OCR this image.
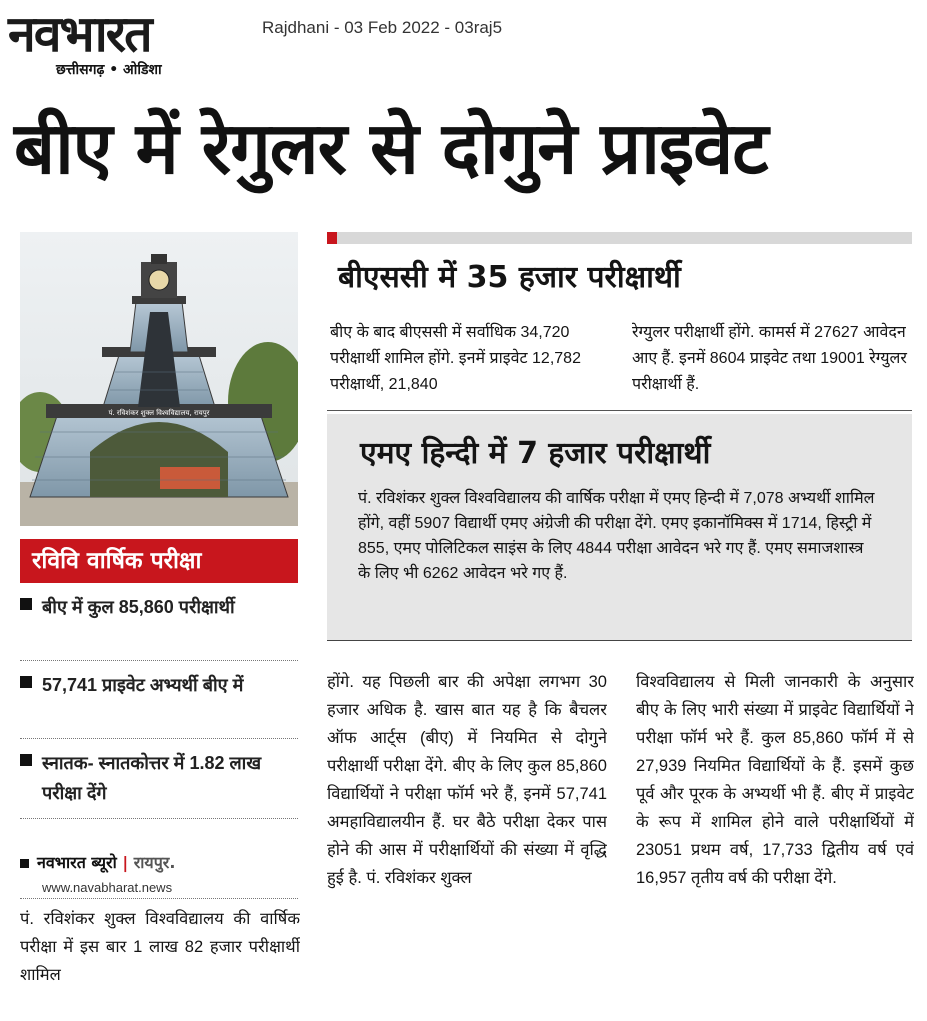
नवभारत
छत्तीसगढ़ • ओडिशा
Rajdhani - 03 Feb 2022 - 03raj5
बीए में रेगुलर से दोगुने प्राइवेट
पं. रविशंकर शुक्ल विश्वविद्यालय, रायपुर
रविवि वार्षिक परीक्षा
बीए में कुल 85,860 परीक्षार्थी
57,741 प्राइवेट अभ्यर्थी बीए में
स्नातक- स्नातकोत्तर में 1.82 लाख परीक्षा देंगे
नवभारत ब्यूरो | रायपुर.
www.navabharat.news
पं. रविशंकर शुक्ल विश्वविद्यालय की वार्षिक परीक्षा में इस बार 1 लाख 82 हजार परीक्षार्थी शामिल
होंगे. यह पिछली बार की अपेक्षा लगभग 30 हजार अधिक है. खास बात यह है कि बैचलर ऑफ आर्ट्स (बीए) में नियमित से दोगुने परीक्षार्थी परीक्षा देंगे. बीए के लिए कुल 85,860 विद्यार्थियों ने परीक्षा फॉर्म भरे हैं, इनमें 57,741 अमहाविद्यालयीन हैं. घर बैठे परीक्षा देकर पास होने की आस में परीक्षार्थियों की संख्या में वृद्धि हुई है. पं. रविशंकर शुक्ल
विश्वविद्यालय से मिली जानकारी के अनुसार बीए के लिए भारी संख्या में प्राइवेट विद्यार्थियों ने परीक्षा फॉर्म भरे हैं. कुल 85,860 फॉर्म में से 27,939 नियमित विद्यार्थियों के हैं. इसमें कुछ पूर्व और पूरक के अभ्यर्थी भी हैं. बीए में प्राइवेट के रूप में शामिल होने वाले परीक्षार्थियों में 23051 प्रथम वर्ष, 17,733 द्वितीय वर्ष एवं 16,957 तृतीय वर्ष की परीक्षा देंगे.
बीएससी में 35 हजार परीक्षार्थी
बीए के बाद बीएससी में सर्वाधिक 34,720 परीक्षार्थी शामिल होंगे. इनमें प्राइवेट 12,782 परीक्षार्थी, 21,840
रेग्युलर परीक्षार्थी होंगे. कामर्स में 27627 आवेदन आए हैं. इनमें 8604 प्राइवेट तथा 19001 रेग्युलर परीक्षार्थी हैं.
एमए हिन्दी में 7 हजार परीक्षार्थी
पं. रविशंकर शुक्ल विश्वविद्यालय की वार्षिक परीक्षा में एमए हिन्दी में 7,078 अभ्यर्थी शामिल होंगे, वहीं 5907 विद्यार्थी एमए अंग्रेजी की परीक्षा देंगे. एमए इकानॉमिक्स में 1714, हिस्ट्री में 855, एमए पोलिटिकल साइंस के लिए 4844 परीक्षा आवेदन भरे गए हैं. एमए समाजशास्त्र के लिए भी 6262 आवेदन भरे गए हैं.
